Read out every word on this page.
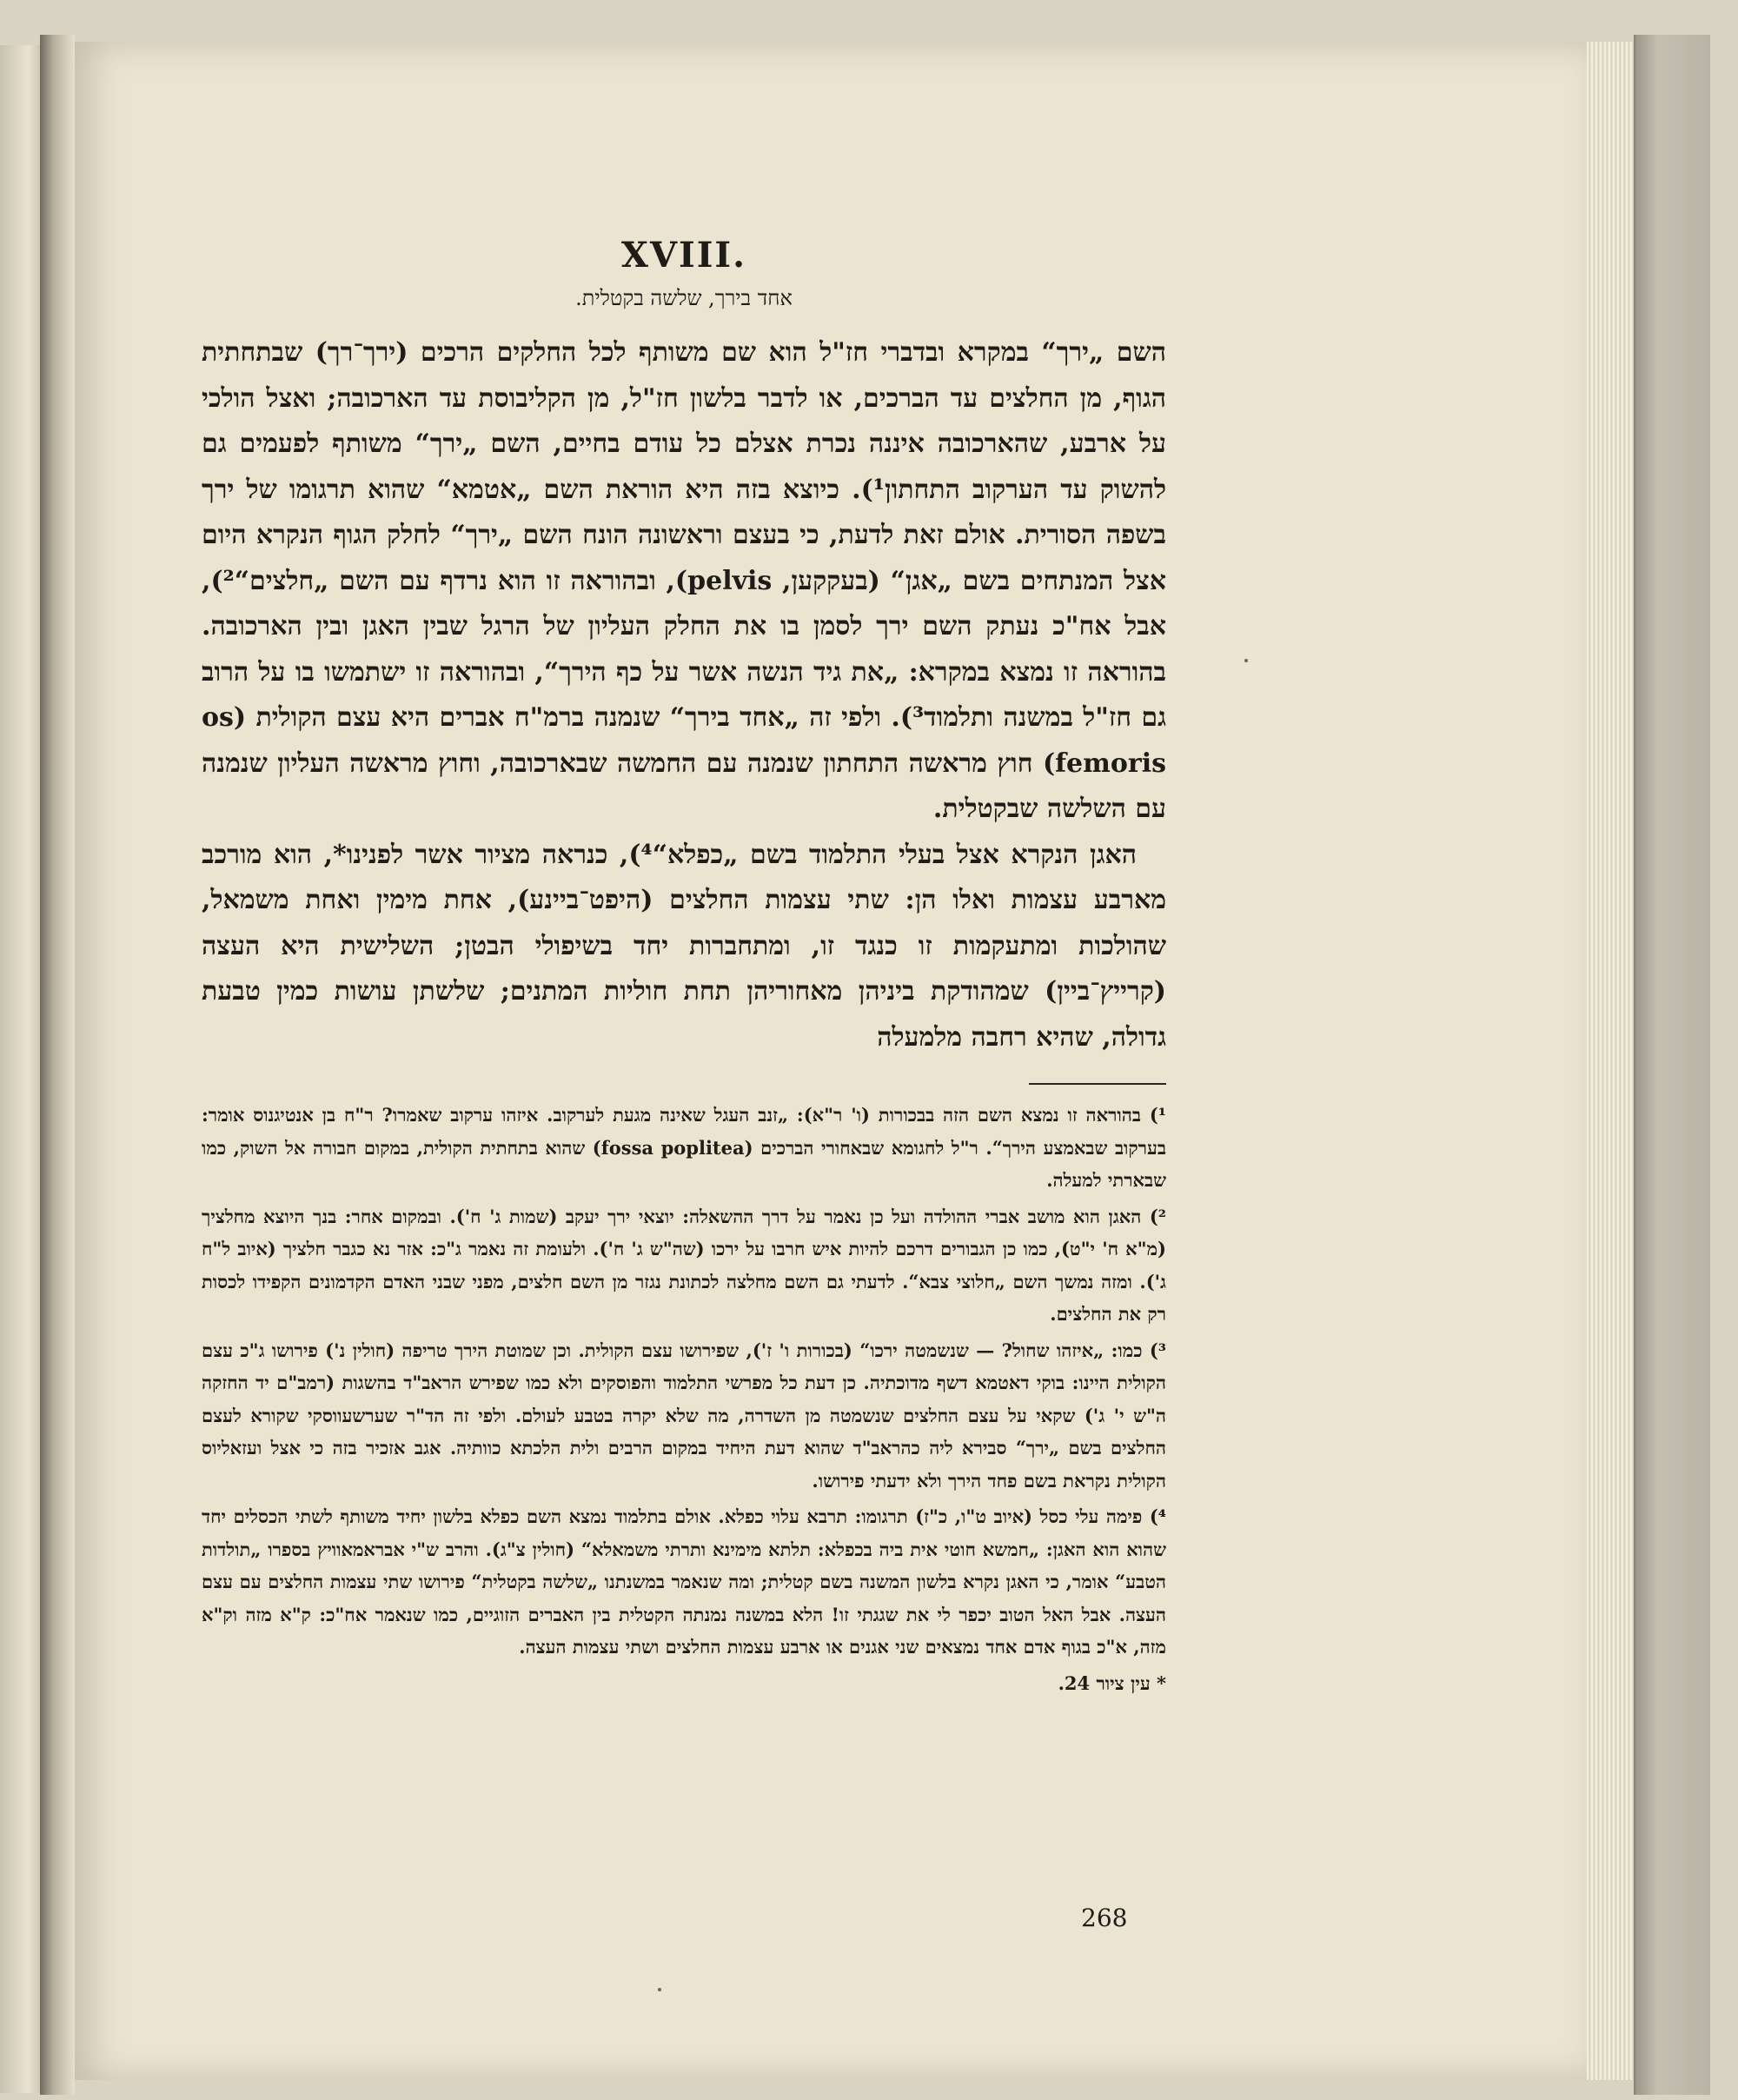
XVIII.
אחד בירך, שלשה בקטלית.

השם „ירך“ במקרא ובדברי חז"ל הוא שם משותף לכל החלקים הרכים (ירך־רך) שבתחתית הגוף, מן החלצים עד הברכים, או לדבר בלשון חז"ל, מן הקליבוסת עד הארכובה; ואצל הולכי על ארבע, שהארכובה איננה נכרת אצלם כל עודם בחיים, השם „ירך“ משותף לפעמים גם להשוק עד הערקוב התחתון¹). כיוצא בזה היא הוראת השם „אטמא“ שהוא תרגומו של ירך בשפה הסורית. אולם זאת לדעת, כי בעצם וראשונה הונח השם „ירך“ לחלק הגוף הנקרא היום אצל המנתחים בשם „אגן“ (בעקקען, pelvis), ובהוראה זו הוא נרדף עם השם „חלצים“²), אבל אח"כ נעתק השם ירך לסמן בו את החלק העליון של הרגל שבין האגן ובין הארכובה. בהוראה זו נמצא במקרא: „את גיד הנשה אשר על כף הירך“, ובהוראה זו ישתמשו בו על הרוב גם חז"ל במשנה ותלמוד³). ולפי זה „אחד בירך“ שנמנה ברמ"ח אברים היא עצם הקולית (os femoris) חוץ מראשה התחתון שנמנה עם החמשה שבארכובה, וחוץ מראשה העליון שנמנה עם השלשה שבקטלית.

האגן הנקרא אצל בעלי התלמוד בשם „כפלא“⁴), כנראה מציור אשר לפנינו*, הוא מורכב מארבע עצמות ואלו הן: שתי עצמות החלצים (היפט־ביינע), אחת מימין ואחת משמאל, שהולכות ומתעקמות זו כנגד זו, ומתחברות יחד בשיפולי הבטן; השלישית היא העצה (קרייץ־ביין) שמהודקת ביניהן מאחוריהן תחת חוליות המתנים; שלשתן עושות כמין טבעת גדולה, שהיא רחבה מלמעלה

¹) בהוראה זו נמצא השם הזה בבכורות (ו' ר"א): „זנב העגל שאינה מגעת לערקוב. איזהו ערקוב שאמרו? ר"ח בן אנטיגנוס אומר: בערקוב שבאמצע הירך“. ר"ל לחגומא שבאחורי הברכים (fossa poplitea) שהוא בתחתית הקולית, במקום חבורה אל השוק, כמו שבארתי למעלה.

²) האגן הוא מושב אברי ההולדה ועל כן נאמר על דרך ההשאלה: יוצאי ירך יעקב (שמות ג' ח'). ובמקום אחר: בנך היוצא מחלציך (מ"א ח' י"ט), כמו כן הגבורים דרכם להיות איש חרבו על ירכו (שה"ש ג' ח'). ולעומת זה נאמר ג"כ: אזר נא כגבר חלציך (איוב ל"ח ג'). ומזה נמשך השם „חלוצי צבא“. לדעתי גם השם מחלצה לכתונת נגזר מן השם חלצים, מפני שבני האדם הקדמונים הקפידו לכסות רק את החלצים.

³) כמו: „איזהו שחול? — שנשמטה ירכו“ (בכורות ו' ז'), שפירושו עצם הקולית. וכן שמוטת הירך טריפה (חולין נ') פירושו ג"כ עצם הקולית היינו: בוקי דאטמא דשף מדוכתיה. כן דעת כל מפרשי התלמוד והפוסקים ולא כמו שפירש הראב"ד בהשגות (רמב"ם יד החזקה ה"ש י' ג') שקאי על עצם החלצים שנשמטה מן השדרה, מה שלא יקרה בטבע לעולם. ולפי זה הד"ר שערשעווסקי שקורא לעצם החלצים בשם „ירך“ סבירא ליה כהראב"ד שהוא דעת היחיד במקום הרבים ולית הלכתא כוותיה. אגב אזכיר בזה כי אצל ועזאליוס הקולית נקראת בשם פחד הירך ולא ידעתי פירושו.

⁴) פימה עלי כסל (איוב ט"ו, כ"ז) תרגומו: תרבא עלוי כפלא. אולם בתלמוד נמצא השם כפלא בלשון יחיד משותף לשתי הכסלים יחד שהוא הוא האגן: „חמשא חוטי אית ביה בכפלא: תלתא מימינא ותרתי משמאלא“ (חולין צ"ג). והרב ש"י אבראמאוויץ בספרו „תולדות הטבע“ אומר, כי האגן נקרא בלשון המשנה בשם קטלית; ומה שנאמר במשנתנו „שלשה בקטלית“ פירושו שתי עצמות החלצים עם עצם העצה. אבל האל הטוב יכפר לי את שגגתי זו! הלא במשנה נמנתה הקטלית בין האברים הזוגיים, כמו שנאמר אח"כ: ק"א מזה וק"א מזה, א"כ בגוף אדם אחד נמצאים שני אגנים או ארבע עצמות החלצים ושתי עצמות העצה.

* עין ציור 24.

268
